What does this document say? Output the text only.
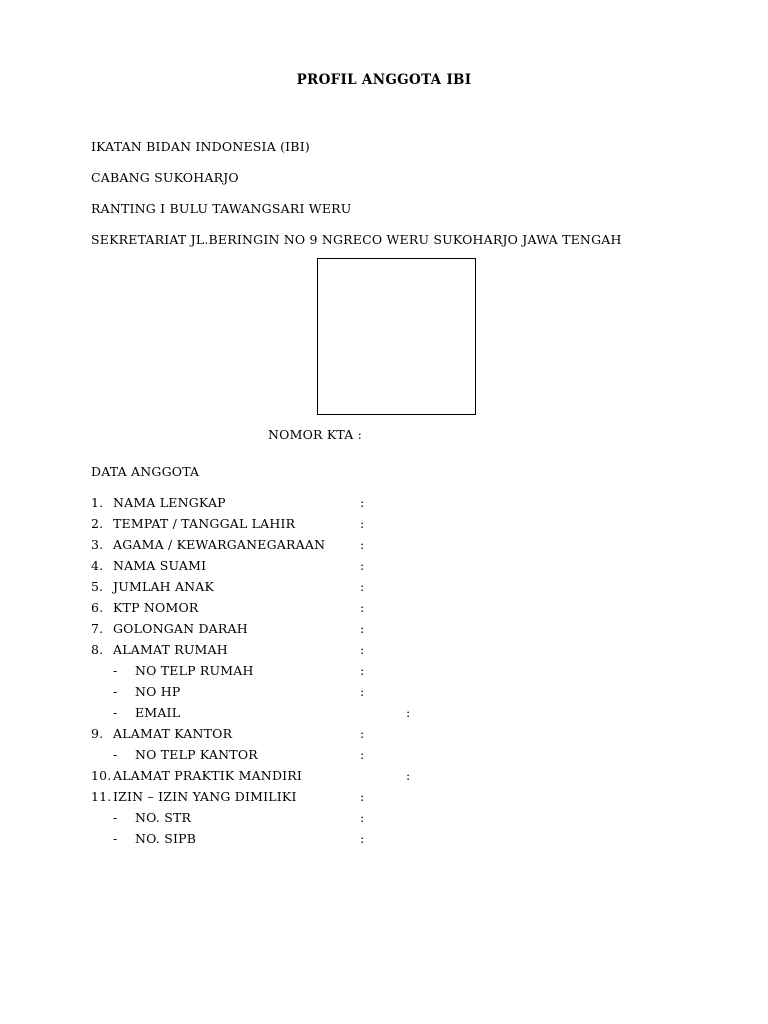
PROFIL ANGGOTA IBI
IKATAN BIDAN INDONESIA (IBI)
CABANG SUKOHARJO
RANTING I BULU TAWANGSARI WERU
SEKRETARIAT JL.BERINGIN NO 9 NGRECO WERU SUKOHARJO JAWA TENGAH
NOMOR KTA :
DATA ANGGOTA
1. NAMA LENGKAP	:
2. TEMPAT / TANGGAL LAHIR	:
3. AGAMA / KEWARGANEGARAAN	:
4. NAMA SUAMI	:
5. JUMLAH ANAK	:
6. KTP NOMOR	:
7. GOLONGAN DARAH	:
8. ALAMAT RUMAH	:
- NO TELP RUMAH	:
- NO HP	:
- EMAIL	:
9. ALAMAT KANTOR	:
- NO TELP KANTOR	:
10. ALAMAT PRAKTIK MANDIRI	:
11. IZIN – IZIN YANG DIMILIKI	:
- NO. STR	:
- NO. SIPB	:
